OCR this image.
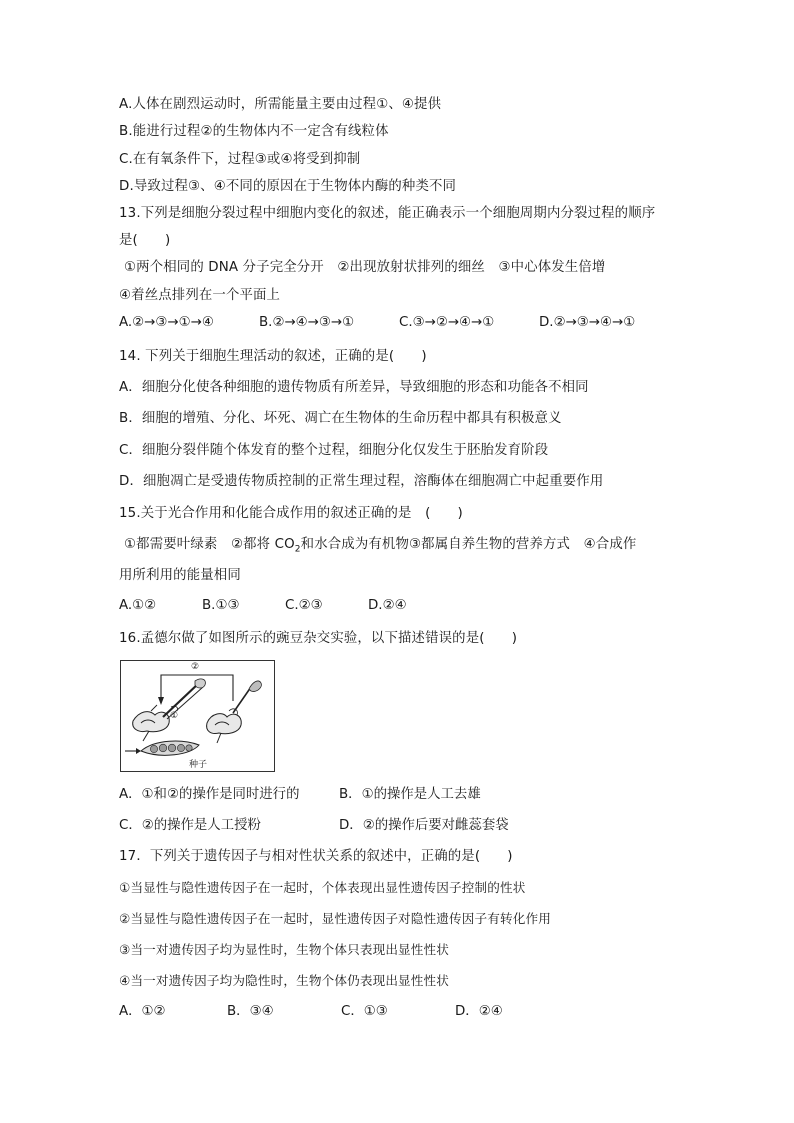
A.人体在剧烈运动时，所需能量主要由过程①、④提供

B.能进行过程②的生物体内不一定含有线粒体

C.在有氧条件下，过程③或④将受到抑制

D.导致过程③、④不同的原因在于生物体内酶的种类不同

13.下列是细胞分裂过程中细胞内变化的叙述，能正确表示一个细胞周期内分裂过程的顺序

是(　　)

①两个相同的 DNA 分子完全分开　②出现放射状排列的细丝　③中心体发生倍增

④着丝点排列在一个平面上

A.②→③→①→④	B.②→④→③→①	C.③→②→④→①	D.②→③→④→①

14. 下列关于细胞生理活动的叙述，正确的是(　　)

A．细胞分化使各种细胞的遗传物质有所差异，导致细胞的形态和功能各不相同

B．细胞的增殖、分化、坏死、凋亡在生物体的生命历程中都具有积极意义

C．细胞分裂伴随个体发育的整个过程，细胞分化仅发生于胚胎发育阶段

D．细胞凋亡是受遗传物质控制的正常生理过程，溶酶体在细胞凋亡中起重要作用

15.关于光合作用和化能合成作用的叙述正确的是　(　　)

①都需要叶绿素　②都将 $CO_2$和水合成为有机物③都属自养生物的营养方式　④合成作

用所利用的能量相同

A.①②	B.①③	C.②③	D.②④

16.孟德尔做了如图所示的豌豆杂交实验，以下描述错误的是(　　)

②
①
种子
A．①和②的操作是同时进行的	B．①的操作是人工去雄
C．②的操作是人工授粉	D．②的操作后要对雌蕊套袋

17．下列关于遗传因子与相对性状关系的叙述中，正确的是(　　)

①当显性与隐性遗传因子在一起时，个体表现出显性遗传因子控制的性状

②当显性与隐性遗传因子在一起时，显性遗传因子对隐性遗传因子有转化作用

③当一对遗传因子均为显性时，生物个体只表现出显性性状

④当一对遗传因子均为隐性时，生物个体仍表现出显性性状

A．①②	B．③④	C．①③	D．②④
